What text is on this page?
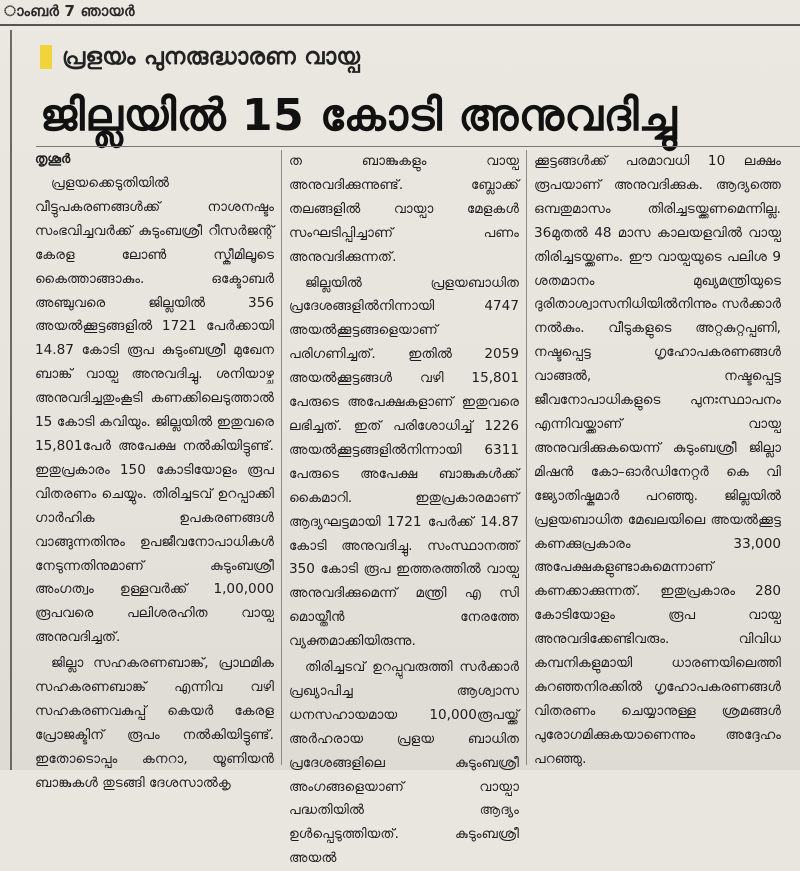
ാംബർ 7 ഞായർ
പ്രളയം പുനരുദ്ധാരണ വായ്പ
ജില്ലയിൽ 15 കോടി അനുവദിച്ചു
തൃശൂർ

പ്രളയക്കെടുതിയിൽ വീട്ടുപകരണങ്ങൾക്ക് നാശനഷ്ടം സംഭവിച്ചവർക്ക് കുടുംബശ്രീ റീസർജന്റ് കേരള ലോൺ സ്കീമിലൂടെ കൈത്താങ്ങാകും. ഒക്ടോബർ അഞ്ചുവരെ ജില്ലയിൽ 356 അയൽക്കൂട്ടങ്ങളിൽ 1721 പേർക്കായി 14.87 കോടി രൂപ കുടുംബശ്രീ മുഖേന ബാങ്ക് വായ്പ അനുവദിച്ചു. ശനിയാഴ്ച അനുവദിച്ചതുംകൂടി കണക്കിലെടുത്താൽ 15 കോടി കവിയും. ജില്ലയിൽ ഇതുവരെ 15,801പേർ അപേക്ഷ നൽകിയിട്ടുണ്ട്. ഇതുപ്രകാരം 150 കോടിയോളം രൂപ വിതരണം ചെയ്യും. തിരിച്ചടവ് ഉറപ്പാക്കി ഗാർഹിക ഉപകരണങ്ങൾ വാങ്ങുന്നതിനും ഉപജീവനോപാധികൾ നേടുന്നതിനുമാണ് കുടുംബശ്രീ അംഗത്വം ഉള്ളവർക്ക് 1,00,000 രൂപവരെ പലിശരഹിത വായ്പ അനുവദിച്ചത്.

ജില്ലാ സഹകരണബാങ്ക്, പ്രാഥമിക സഹകരണബാങ്ക് എന്നിവ വഴി സഹകരണവകുപ്പ് കെയർ കേരള പ്രോജക്ടിന് രൂപം നൽകിയിട്ടുണ്ട്. ഇതോടൊപ്പം കനറാ, യൂണിയൻ ബാങ്കുകൾ തുടങ്ങി ദേശസാൽകൃ

ത ബാങ്കുകളും വായ്പ അനുവദിക്കുന്നുണ്ട്. ബ്ലോക്ക് തലങ്ങളിൽ വായ്പാ മേളകൾ സംഘടിപ്പിച്ചാണ് പണം അനുവദിക്കുന്നത്.

ജില്ലയിൽ പ്രളയബാധിത പ്രദേശങ്ങളിൽനിന്നായി 4747 അയൽക്കൂട്ടങ്ങളെയാണ് പരിഗണിച്ചത്. ഇതിൽ 2059 അയൽക്കൂട്ടങ്ങൾ വഴി 15,801 പേരുടെ അപേക്ഷകളാണ് ഇതുവരെ ലഭിച്ചത്. ഇത് പരിശോധിച്ച് 1226 അയൽക്കൂട്ടങ്ങളിൽനിന്നായി 6311 പേരുടെ അപേക്ഷ ബാങ്കുകൾക്ക് കൈമാറി. ഇതുപ്രകാരമാണ് ആദ്യഘട്ടമായി 1721 പേർക്ക് 14.87 കോടി അനുവദിച്ചു. സംസ്ഥാനത്ത് 350 കോടി രൂപ ഇത്തരത്തിൽ വായ്പ അനുവദിക്കുമെന്ന് മന്ത്രി എ സി മൊയ്തീൻ നേരത്തേ വ്യക്തമാക്കിയിരുന്നു.

തിരിച്ചടവ് ഉറപ്പുവരുത്തി സർക്കാർ പ്രഖ്യാപിച്ച ആശ്വാസ ധനസഹായമായ 10,000രൂപയ്ക്ക് അർഹരായ പ്രളയ ബാധിത പ്രദേശങ്ങളിലെ കുടുംബശ്രീ അംഗങ്ങളെയാണ് വായ്പാ പദ്ധതിയിൽ ആദ്യം ഉൾപ്പെടുത്തിയത്. കുടുംബശ്രീ അയൽ

ക്കൂട്ടങ്ങൾക്ക് പരമാവധി 10 ലക്ഷം രൂപയാണ് അനുവദിക്കുക. ആദ്യത്തെ ഒമ്പതുമാസം തിരിച്ചടയ്ക്കണമെന്നില്ല. 36മുതൽ 48 മാസ കാലയളവിൽ വായ്പ തിരിച്ചടയ്ക്കണം. ഈ വായ്പയുടെ പലിശ 9 ശതമാനം മുഖ്യമന്ത്രിയുടെ ദുരിതാശ്വാസനിധിയിൽനിന്നും സർക്കാർ നൽകും. വീടുകളുടെ അറ്റകുറ്റപ്പണി, നഷ്ടപ്പെട്ട ഗൃഹോപകരണങ്ങൾ വാങ്ങൽ, നഷ്ടപ്പെട്ട ജീവനോപാധികളുടെ പുനഃസ്ഥാപനം എന്നിവയ്ക്കാണ് വായ്പ അനുവദിക്കുകയെന്ന് കുടുംബശ്രീ ജില്ലാ മിഷൻ കോ–ഓർഡിനേറ്റർ കെ വി ജ്യോതിഷ്കുമാർ പറഞ്ഞു. ജില്ലയിൽ പ്രളയബാധിത മേഖലയിലെ അയൽക്കൂട്ട കണക്കുപ്രകാരം 33,000 അപേക്ഷകളുണ്ടാകുമെന്നാണ് കണക്കാക്കുന്നത്. ഇതുപ്രകാരം 280 കോടിയോളം രൂപ വായ്പ അനുവദിക്കേണ്ടിവരും. വിവിധ കമ്പനികളുമായി ധാരണയിലെത്തി കുറഞ്ഞനിരക്കിൽ ഗൃഹോപകരണങ്ങൾ വിതരണം ചെയ്യാനുള്ള ശ്രമങ്ങൾ പുരോഗമിക്കുകയാണെന്നും അദ്ദേഹം പറഞ്ഞു.
